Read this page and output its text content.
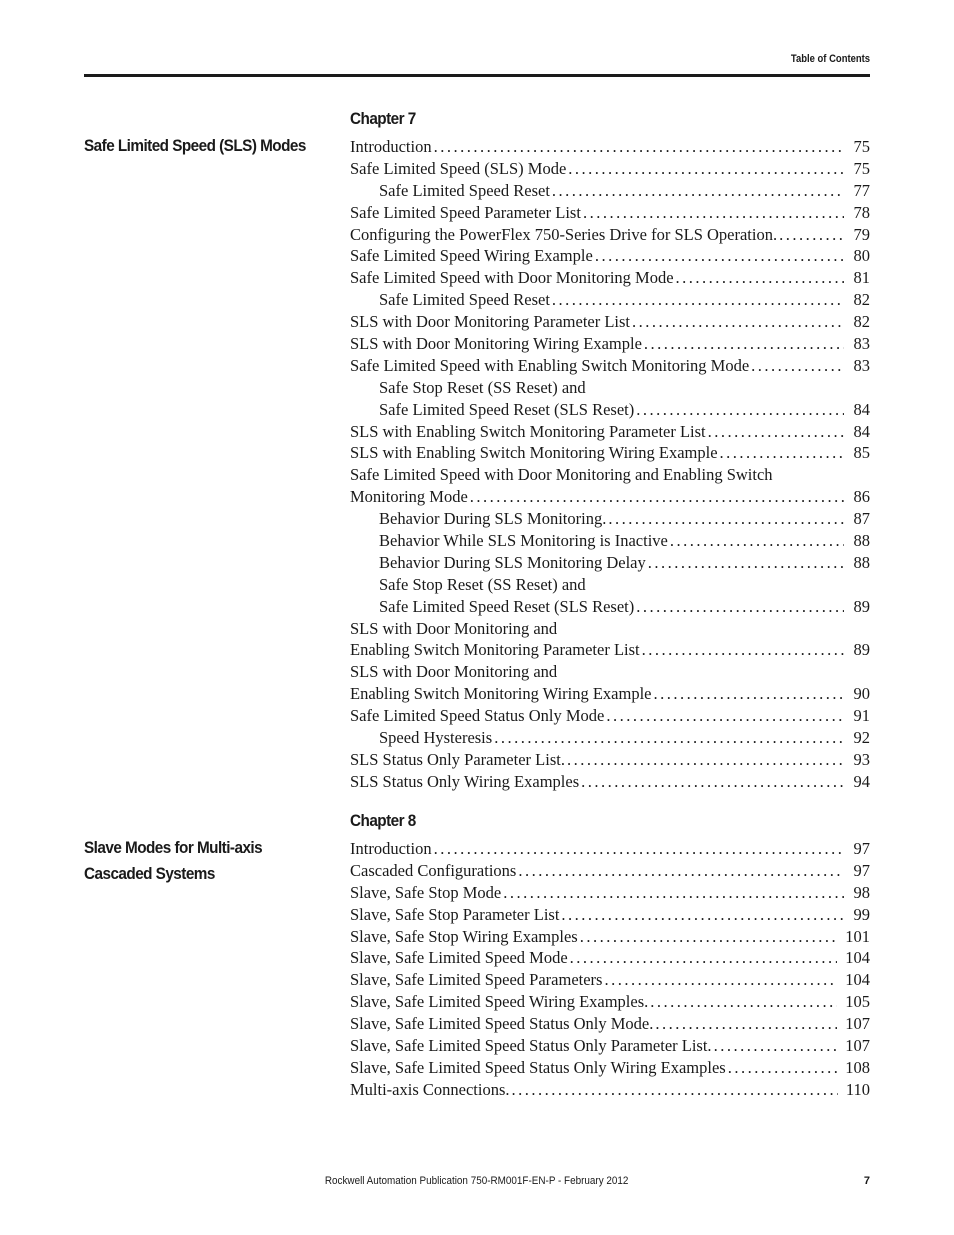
Table of Contents
Chapter 7
Safe Limited Speed (SLS) Modes	Introduction .....	75
Safe Limited Speed (SLS) Mode .....	75
Safe Limited Speed Reset .....	77
Safe Limited Speed Parameter List .....	78
Configuring the PowerFlex 750-Series Drive for SLS Operation. .....	79
Safe Limited Speed Wiring Example .....	80
Safe Limited Speed with Door Monitoring Mode .....	81
Safe Limited Speed Reset .....	82
SLS with Door Monitoring Parameter List .....	82
SLS with Door Monitoring Wiring Example .....	83
Safe Limited Speed with Enabling Switch Monitoring Mode .....	83
Safe Stop Reset (SS Reset) and
Safe Limited Speed Reset (SLS Reset) .....	84
SLS with Enabling Switch Monitoring Parameter List .....	84
SLS with Enabling Switch Monitoring Wiring Example .....	85
Safe Limited Speed with Door Monitoring and Enabling Switch
Monitoring Mode .....	86
Behavior During SLS Monitoring. .....	87
Behavior While SLS Monitoring is Inactive .....	88
Behavior During SLS Monitoring Delay .....	88
Safe Stop Reset (SS Reset) and
Safe Limited Speed Reset (SLS Reset) .....	89
SLS with Door Monitoring and
Enabling Switch Monitoring Parameter List .....	89
SLS with Door Monitoring and
Enabling Switch Monitoring Wiring Example .....	90
Safe Limited Speed Status Only Mode .....	91
Speed Hysteresis .....	92
SLS Status Only Parameter List. .....	93
SLS Status Only Wiring Examples .....	94
Chapter 8
Slave Modes for Multi-axis Cascaded Systems
Introduction .....	97
Cascaded Configurations .....	97
Slave, Safe Stop Mode .....	98
Slave, Safe Stop Parameter List .....	99
Slave, Safe Stop Wiring Examples .....	101
Slave, Safe Limited Speed Mode .....	104
Slave, Safe Limited Speed Parameters .....	104
Slave, Safe Limited Speed Wiring Examples. .....	105
Slave, Safe Limited Speed Status Only Mode. .....	107
Slave, Safe Limited Speed Status Only Parameter List. .....	107
Slave, Safe Limited Speed Status Only Wiring Examples .....	108
Multi-axis Connections. .....	110
Rockwell Automation Publication 750-RM001F-EN-P - February 2012	7
